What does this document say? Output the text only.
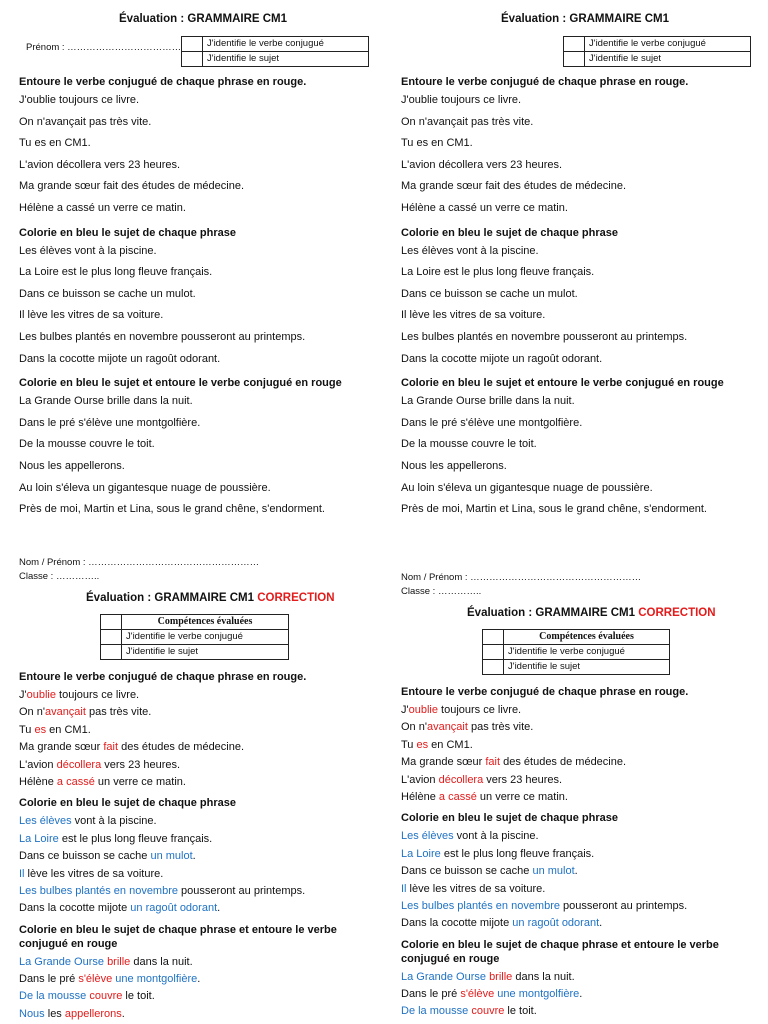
Évaluation : GRAMMAIRE CM1
Prénom : ………………………………
		J'identifie le verbe conjugué
	J'identifie le sujet
Entoure le verbe conjugué de chaque phrase en rouge.

J'oublie toujours ce livre.

On n'avançait pas très vite.

Tu es en CM1.

L'avion décollera vers 23 heures.

Ma grande sœur fait des études de médecine.

Hélène a cassé un verre ce matin.

Colorie en bleu le sujet de chaque phrase

Les élèves vont à la piscine.

La Loire est le plus long fleuve français.

Dans ce buisson se cache un mulot.

Il lève les vitres de sa voiture.

Les bulbes plantés en novembre pousseront au printemps.

Dans la cocotte mijote un ragoût odorant.

Colorie en bleu le sujet et entoure le verbe conjugué en rouge

La Grande Ourse brille dans la nuit.

Dans le pré s'élève une montgolfière.

De la mousse couvre le toit.

Nous les appellerons.

Au loin s'éleva un gigantesque nuage de poussière.

Près de moi, Martin et Lina, sous le grand chêne, s'endorment.

Évaluation : GRAMMAIRE CM1
	J'identifie le verbe conjugué
	J'identifie le sujet
Entoure le verbe conjugué de chaque phrase en rouge.

J'oublie toujours ce livre.

On n'avançait pas très vite.

Tu es en CM1.

L'avion décollera vers 23 heures.

Ma grande sœur fait des études de médecine.

Hélène a cassé un verre ce matin.

Colorie en bleu le sujet de chaque phrase

Les élèves vont à la piscine.

La Loire est le plus long fleuve français.

Dans ce buisson se cache un mulot.

Il lève les vitres de sa voiture.

Les bulbes plantés en novembre pousseront au printemps.

Dans la cocotte mijote un ragoût odorant.

Colorie en bleu le sujet et entoure le verbe conjugué en rouge

La Grande Ourse brille dans la nuit.

Dans le pré s'élève une montgolfière.

De la mousse couvre le toit.

Nous les appellerons.

Au loin s'éleva un gigantesque nuage de poussière.

Près de moi, Martin et Lina, sous le grand chêne, s'endorment.

Nom / Prénom : ………………………………………………
Classe : …………..
Évaluation : GRAMMAIRE CM1 CORRECTION
	Compétences évaluées
	J'identifie le verbe conjugué
	J'identifie le sujet
Entoure le verbe conjugué de chaque phrase en rouge.

J'oublie toujours ce livre.

On n'avançait pas très vite.

Tu es en CM1.

Ma grande sœur fait des études de médecine.

L'avion décollera vers 23 heures.

Hélène a cassé un verre ce matin.

Colorie en bleu le sujet de chaque phrase

Les élèves vont à la piscine.

La Loire est le plus long fleuve français.

Dans ce buisson se cache un mulot.

Il lève les vitres de sa voiture.

Les bulbes plantés en novembre pousseront au printemps.

Dans la cocotte mijote un ragoût odorant.

Colorie en bleu le sujet de chaque phrase et entoure le verbe conjugué en rouge

La Grande Ourse brille dans la nuit.

Dans le pré s'élève une montgolfière.

De la mousse couvre le toit.

Nous les appellerons.

Nom / Prénom : ………………………………………………
Classe : …………..
Évaluation : GRAMMAIRE CM1 CORRECTION
	Compétences évaluées
	J'identifie le verbe conjugué
	J'identifie le sujet
Entoure le verbe conjugué de chaque phrase en rouge.

J'oublie toujours ce livre.

On n'avançait pas très vite.

Tu es en CM1.

Ma grande sœur fait des études de médecine.

L'avion décollera vers 23 heures.

Hélène a cassé un verre ce matin.

Colorie en bleu le sujet de chaque phrase

Les élèves vont à la piscine.

La Loire est le plus long fleuve français.

Dans ce buisson se cache un mulot.

Il lève les vitres de sa voiture.

Les bulbes plantés en novembre pousseront au printemps.

Dans la cocotte mijote un ragoût odorant.

Colorie en bleu le sujet de chaque phrase et entoure le verbe conjugué en rouge

La Grande Ourse brille dans la nuit.

Dans le pré s'élève une montgolfière.

De la mousse couvre le toit.
